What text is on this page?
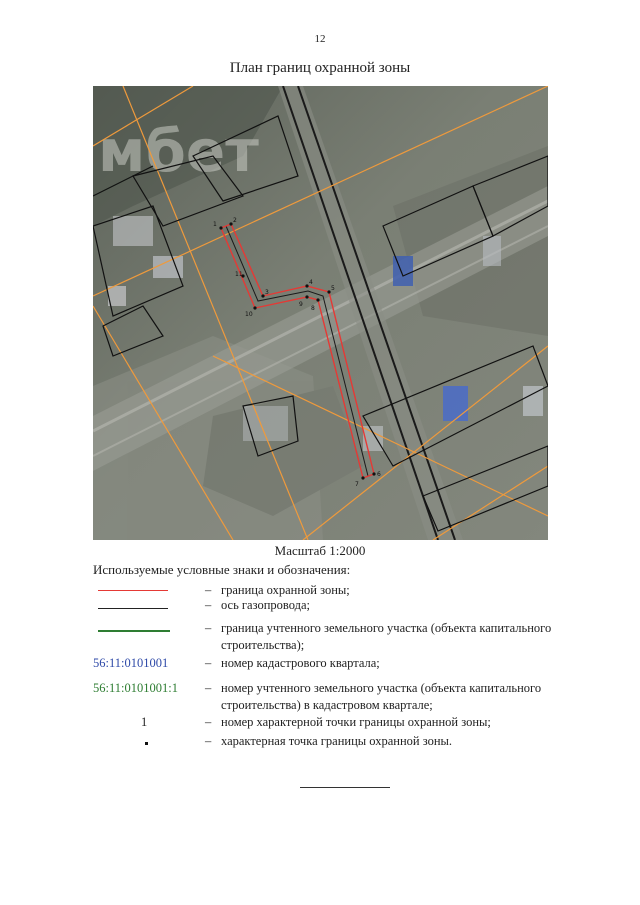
12
План границ охранной зоны
мбет
1
2
3
4
5
6
7
8
9
10
11
Масштаб 1:2000
Используемые условные знаки и обозначения:
– граница охранной зоны;
– ось газопровода;
– граница учтенного земельного участка (объекта капитального строительства);
56:11:0101001	– номер кадастрового квартала;
56:11:0101001:1	– номер учтенного земельного участка (объекта капитального строительства) в кадастровом квартале;
1	– номер характерной точки границы охранной зоны;
– характерная точка границы охранной зоны.
